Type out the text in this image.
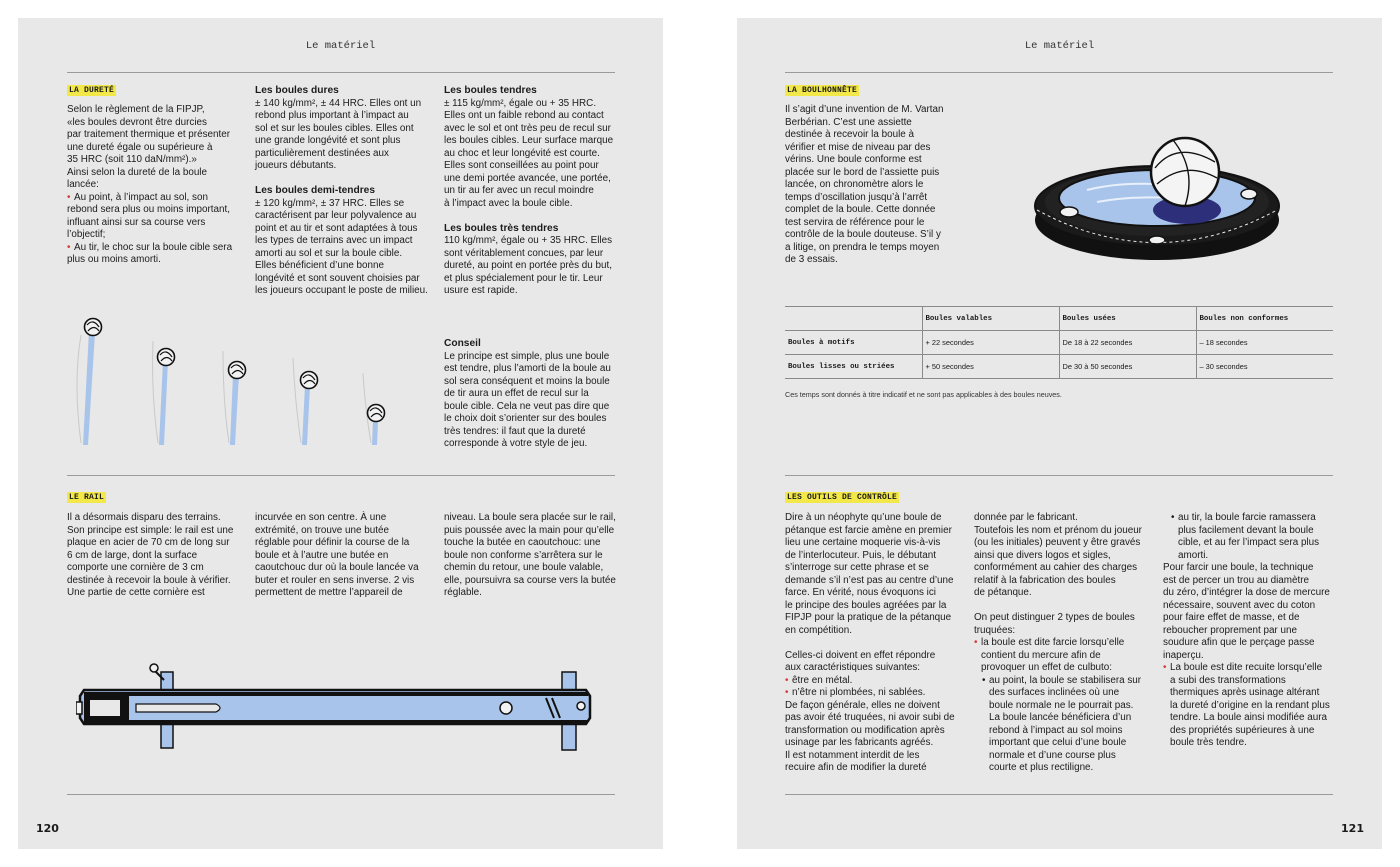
Le matériel
LA DURETÉ

Selon le règlement de la FIPJP,

«les boules devront être durcies

par traitement thermique et présenter

une dureté égale ou supérieure à

35 HRC (soit 110 daN/mm²).»

Ainsi selon la dureté de la boule

lancée:

• Au point, à l’impact au sol, son

rebond sera plus ou moins important,

influant ainsi sur sa course vers

l’objectif;

• Au tir, le choc sur la boule cible sera

plus ou moins amorti.

Les boules dures

± 140 kg/mm², ± 44 HRC. Elles ont un

rebond plus important à l’impact au

sol et sur les boules cibles. Elles ont

une grande longévité et sont plus

particulièrement destinées aux

joueurs débutants.

Les boules demi-tendres

± 120 kg/mm², ± 37 HRC. Elles se

caractérisent par leur polyvalence au

point et au tir et sont adaptées à tous

les types de terrains avec un impact

amorti au sol et sur la boule cible.

Elles bénéficient d’une bonne

longévité et sont souvent choisies par

les joueurs occupant le poste de milieu.

Les boules tendres

± 115 kg/mm², égale ou + 35 HRC.

Elles ont un faible rebond au contact

avec le sol et ont très peu de recul sur

les boules cibles. Leur surface marque

au choc et leur longévité est courte.

Elles sont conseillées au point pour

une demi portée avancée, une portée,

un tir au fer avec un recul moindre

à l’impact avec la boule cible.

Les boules très tendres

110 kg/mm², égale ou + 35 HRC. Elles

sont véritablement concues, par leur

dureté, au point en portée près du but,

et plus spécialement pour le tir. Leur

usure est rapide.

Conseil

Le principe est simple, plus une boule

est tendre, plus l’amorti de la boule au

sol sera conséquent et moins la boule

de tir aura un effet de recul sur la

boule cible. Cela ne veut pas dire que

le choix doit s’orienter sur des boules

très tendres: il faut que la dureté

corresponde à votre style de jeu.

LE RAIL

Il a désormais disparu des terrains.

Son principe est simple: le rail est une

plaque en acier de 70 cm de long sur

6 cm de large, dont la surface

comporte une cornière de 3 cm

destinée à recevoir la boule à vérifier.

Une partie de cette cornière est

incurvée en son centre. À une

extrémité, on trouve une butée

réglable pour définir la course de la

boule et à l’autre une butée en

caoutchouc dur où la boule lancée va

buter et rouler en sens inverse. 2 vis

permettent de mettre l’appareil de

niveau. La boule sera placée sur le rail,

puis poussée avec la main pour qu’elle

touche la butée en caoutchouc: une

boule non conforme s’arrêtera sur le

chemin du retour, une boule valable,

elle, poursuivra sa course vers la butée

réglable.

120
Le matériel
LA BOULHONNÊTE

Il s’agit d’une invention de M. Vartan

Berbérian. C’est une assiette

destinée à recevoir la boule à

vérifier et mise de niveau par des

vérins. Une boule conforme est

placée sur le bord de l’assiette puis

lancée, on chronomètre alors le

temps d’oscillation jusqu’à l’arrêt

complet de la boule. Cette donnée

test servira de référence pour le

contrôle de la boule douteuse. S’il y

a litige, on prendra le temps moyen

de 3 essais.

	Boules valables	Boules usées	Boules non conformes
Boules à motifs	+ 22 secondes	De 18 à 22 secondes	– 18 secondes
Boules lisses ou striées	+ 50 secondes	De 30 à 50 secondes	– 30 secondes
Ces temps sont donnés à titre indicatif et ne sont pas applicables à des boules neuves.
LES OUTILS DE CONTRÔLE

Dire à un néophyte qu’une boule de

pétanque est farcie amène en premier

lieu une certaine moquerie vis-à-vis

de l’interlocuteur. Puis, le débutant

s’interroge sur cette phrase et se

demande s’il n’est pas au centre d’une

farce. En vérité, nous évoquons ici

le principe des boules agréées par la

FIPJP pour la pratique de la pétanque

en compétition.

Celles-ci doivent en effet répondre

aux caractéristiques suivantes:

• être en métal.

• n’être ni plombées, ni sablées.

De façon générale, elles ne doivent

pas avoir été truquées, ni avoir subi de

transformation ou modification après

usinage par les fabricants agréés.

Il est notamment interdit de les

recuire afin de modifier la dureté

donnée par le fabricant.

Toutefois les nom et prénom du joueur

(ou les initiales) peuvent y être gravés

ainsi que divers logos et sigles,

conformément au cahier des charges

relatif à la fabrication des boules

de pétanque.

On peut distinguer 2 types de boules

truquées:

• la boule est dite farcie lorsqu’elle

contient du mercure afin de

provoquer un effet de culbuto:

• au point, la boule se stabilisera sur

des surfaces inclinées où une

boule normale ne le pourrait pas.

La boule lancée bénéficiera d’un

rebond à l’impact au sol moins

important que celui d’une boule

normale et d’une course plus

courte et plus rectiligne.

• au tir, la boule farcie ramassera

plus facilement devant la boule

cible, et au fer l’impact sera plus

amorti.

Pour farcir une boule, la technique

est de percer un trou au diamètre

du zéro, d’intégrer la dose de mercure

nécessaire, souvent avec du coton

pour faire effet de masse, et de

reboucher proprement par une

soudure afin que le perçage passe

inaperçu.

• La boule est dite recuite lorsqu’elle

a subi des transformations

thermiques après usinage altérant

la dureté d’origine en la rendant plus

tendre. La boule ainsi modifiée aura

des propriétés supérieures à une

boule très tendre.

121
